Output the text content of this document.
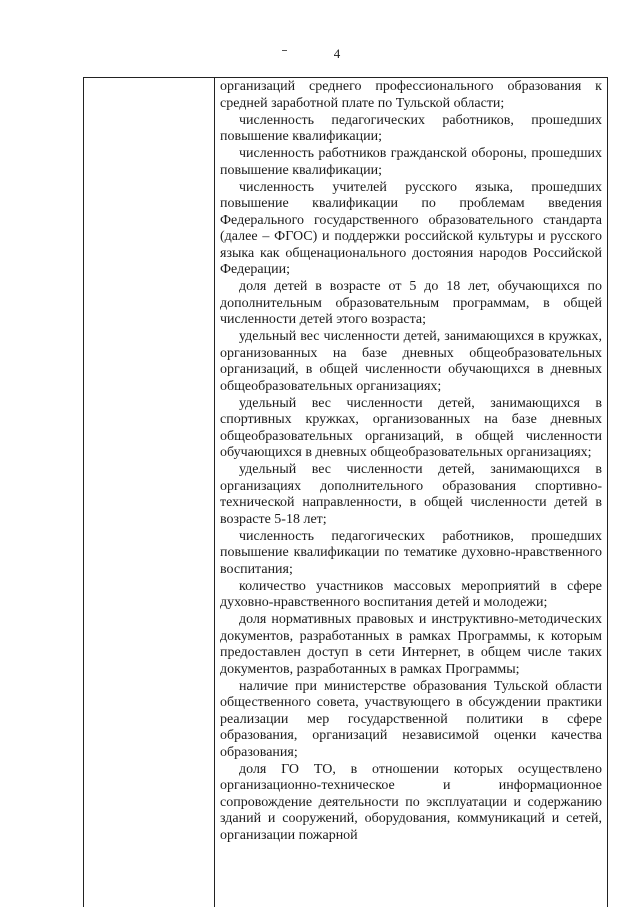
4

организаций среднего профессионального образования к средней заработной плате по Тульской области;

численность педагогических работников, прошедших повышение квалификации;

численность работников гражданской обороны, прошедших повышение квалификации;

численность учителей русского языка, прошедших повышение квалификации по проблемам введения Федерального государственного образовательного стандарта (далее – ФГОС) и поддержки российской культуры и русского языка как общенационального достояния народов Российской Федерации;

доля детей в возрасте от 5 до 18 лет, обучающихся по дополнительным образовательным программам, в общей численности детей этого возраста;

удельный вес численности детей, занимающихся в кружках, организованных на базе дневных общеобразовательных организаций, в общей численности обучающихся в дневных общеобразовательных организациях;

удельный вес численности детей, занимающихся в спортивных кружках, организованных на базе дневных общеобразовательных организаций, в общей численности обучающихся в дневных общеобразовательных организациях;

удельный вес численности детей, занимающихся в организациях дополнительного образования спортивно-технической направленности, в общей численности детей в возрасте 5-18 лет;

численность педагогических работников, прошедших повышение квалификации по тематике духовно-нравственного воспитания;

количество участников массовых мероприятий в сфере духовно-нравственного воспитания детей и молодежи;

доля нормативных правовых и инструктивно-методических документов, разработанных в рамках Программы, к которым предоставлен доступ в сети Интернет, в общем числе таких документов, разработанных в рамках Программы;

наличие при министерстве образования Тульской области общественного совета, участвующего в обсуждении практики реализации мер государственной политики в сфере образования, организаций независимой оценки качества образования;

доля ГО ТО, в отношении которых осуществлено организационно-техническое и информационное сопровождение деятельности по эксплуатации и содержанию зданий и сооружений, оборудования, коммуникаций и сетей, организации пожарной
